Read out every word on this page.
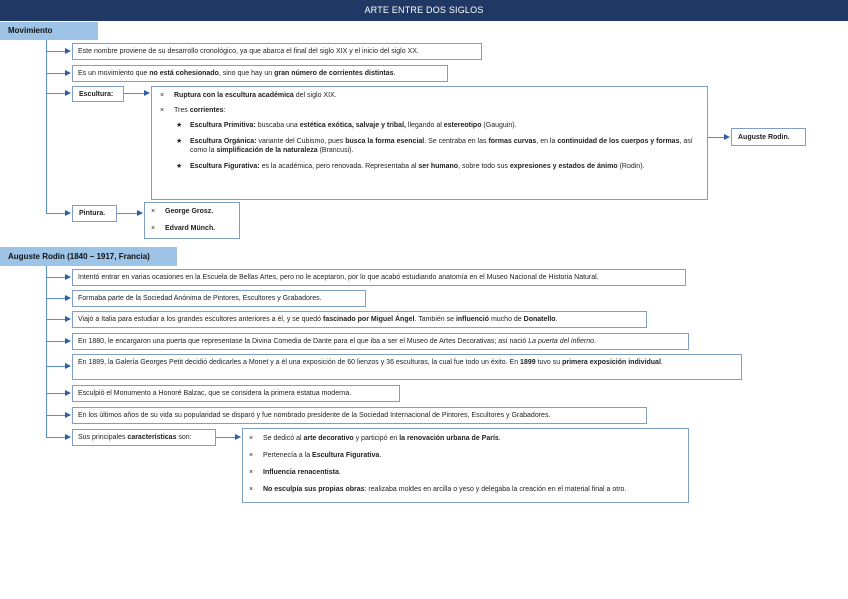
ARTE ENTRE DOS SIGLOS
Movimiento
Este nombre proviene de su desarrollo cronológico, ya que abarca el final del siglo XIX y el inicio del siglo XX.
Es un movimiento que no está cohesionado, sino que hay un gran número de corrientes distintas.
Escultura:	× Ruptura con la escultura académica del siglo XIX.
× Tres corrientes:
★ Escultura Primitiva: buscaba una estética exótica, salvaje y tribal, llegando al estereotipo (Gauguin).
★ Escultura Orgánica: variante del Cubismo, pues busca la forma esencial. Se centraba en las formas curvas, en la continuidad de los cuerpos y formas, así como la simplificación de la naturaleza (Brancusi).
★ Escultura Figurativa: es la académica, pero renovada. Representaba al ser humano, sobre todo sus expresiones y estados de ánimo (Rodin).
Auguste Rodin.
Pintura.	× George Grosz.
× Edvard Münch.
Auguste Rodin (1840 – 1917, Francia)
Intentó entrar en varias ocasiones en la Escuela de Bellas Artes, pero no le aceptaron, por lo que acabó estudiando anatomía en el Museo Nacional de Historia Natural.
Formaba parte de la Sociedad Anónima de Pintores, Escultores y Grabadores.
Viajó a Italia para estudiar a los grandes escultores anteriores a él, y se quedó fascinado por Miguel Ángel. También se influenció mucho de Donatello.
En 1880, le encargaron una puerta que representase la Divina Comedia de Dante para el que iba a ser el Museo de Artes Decorativas; así nació La puerta del infierno.
En 1889, la Galería Georges Petit decidió dedicarles a Monet y a él una exposición de 60 lienzos y 36 esculturas, la cual fue todo un éxito. En 1899 tuvo su primera exposición individual.
Esculpió el Monumento a Honoré Balzac, que se considera la primera estatua moderna.
En los últimos años de su vida su popularidad se disparó y fue nombrado presidente de la Sociedad Internacional de Pintores, Escultores y Grabadores.
Sus principales características son:	× Se dedicó al arte decorativo y participó en la renovación urbana de París.
× Pertenecía a la Escultura Figurativa.
× Influencia renacentista.
× No esculpía sus propias obras: realizaba moldes en arcilla o yeso y delegaba la creación en el material final a otro.
